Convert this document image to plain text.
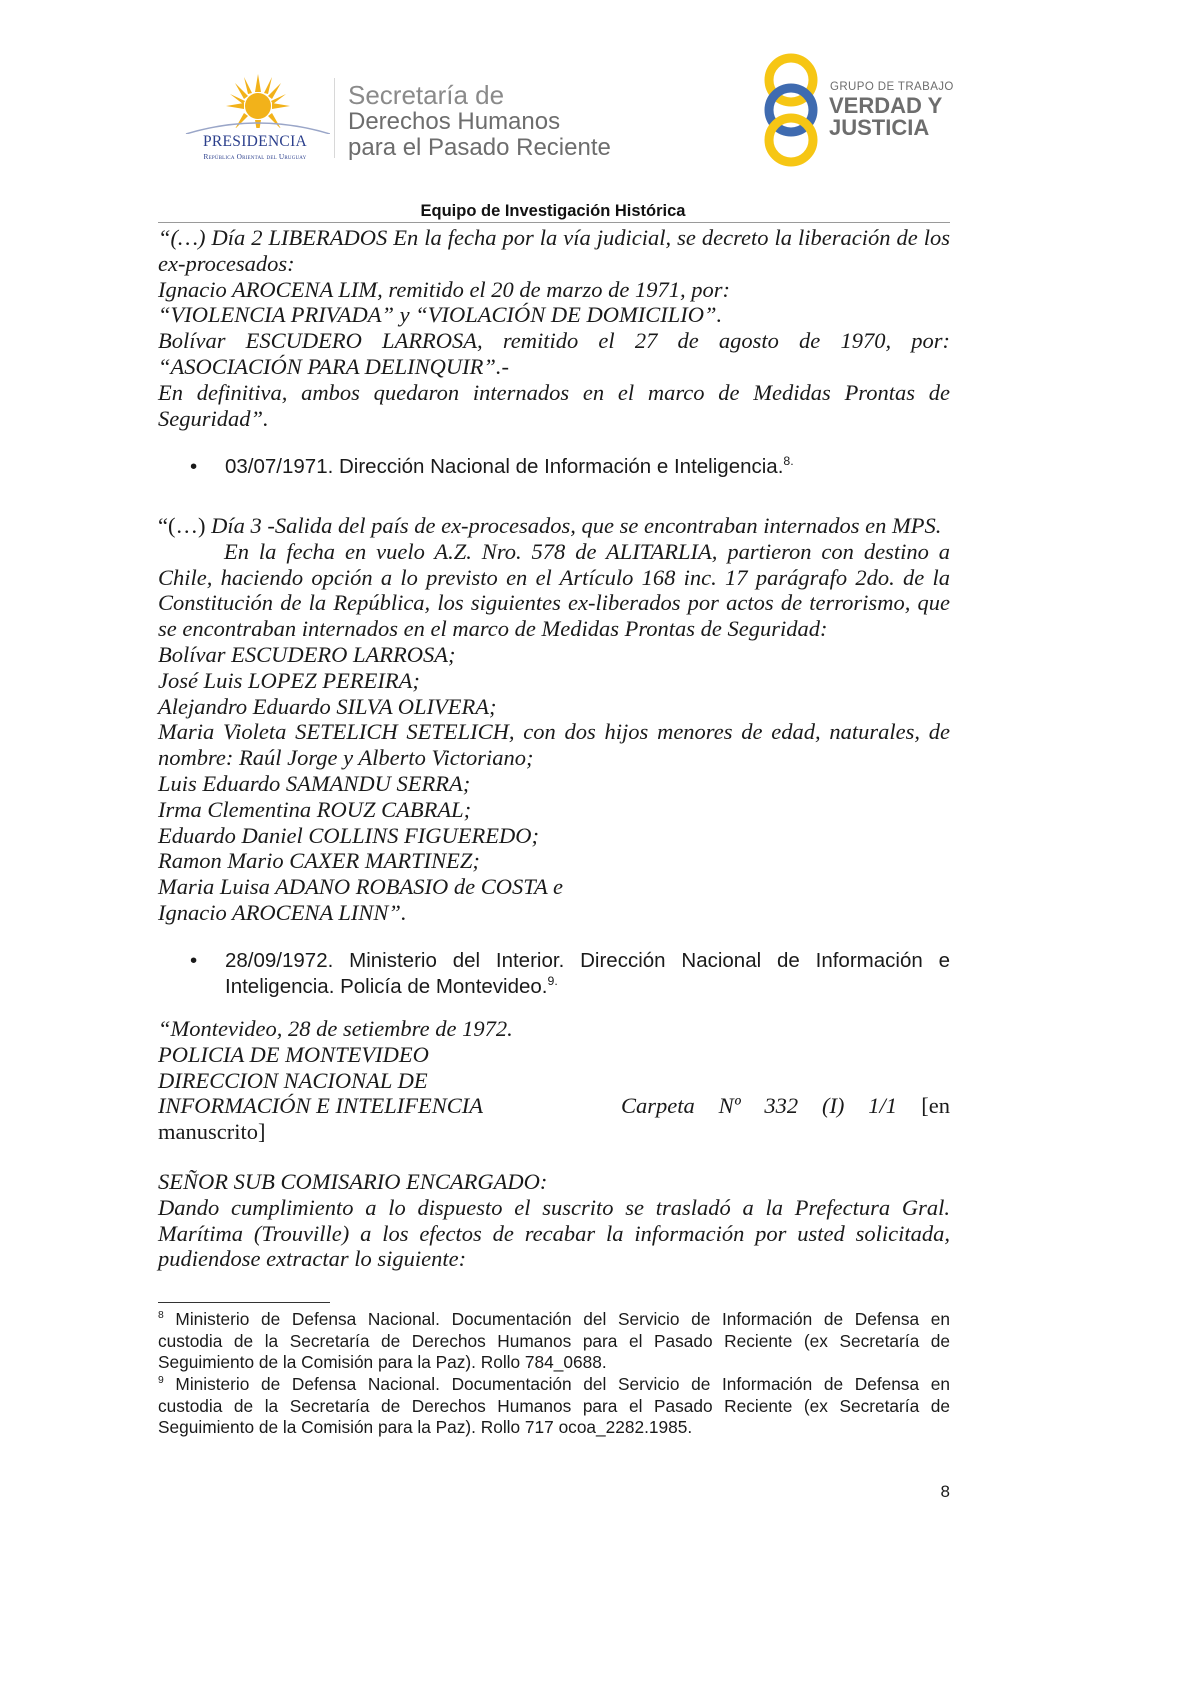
PRESIDENCIA
República Oriental del Uruguay
Secretaría de
Derechos Humanos
para el Pasado Reciente
GRUPO DE TRABAJO
VERDAD Y
JUSTICIA
Equipo de Investigación Histórica
“(…) Día 2 LIBERADOS En la fecha por la vía judicial, se decreto la liberación de los
ex-procesados:
Ignacio AROCENA LIM, remitido el 20 de marzo de 1971, por:
“VIOLENCIA PRIVADA” y “VIOLACIÓN DE DOMICILIO”.
Bolívar ESCUDERO LARROSA, remitido el 27 de agosto de 1970, por:
“ASOCIACIÓN PARA DELINQUIR”.-
En definitiva, ambos quedaron internados en el marco de Medidas Prontas de
Seguridad”.
• 03/07/1971. Dirección Nacional de Información e Inteligencia.$^{8.}$
“(…) Día 3 -Salida del país de ex-procesados, que se encontraban internados en MPS.
En la fecha en vuelo A.Z. Nro. 578 de ALITARLIA, partieron con destino a
Chile, haciendo opción a lo previsto en el Artículo 168 inc. 17 parágrafo 2do. de la
Constitución de la República, los siguientes ex-liberados por actos de terrorismo, que
se encontraban internados en el marco de Medidas Prontas de Seguridad:
Bolívar ESCUDERO LARROSA;
José Luis LOPEZ PEREIRA;
Alejandro Eduardo SILVA OLIVERA;
Maria Violeta SETELICH SETELICH, con dos hijos menores de edad, naturales, de
nombre: Raúl Jorge y Alberto Victoriano;
Luis Eduardo SAMANDU SERRA;
Irma Clementina ROUZ CABRAL;
Eduardo Daniel COLLINS FIGUEREDO;
Ramon Mario CAXER MARTINEZ;
Maria Luisa ADANO ROBASIO de COSTA e
Ignacio AROCENA LINN”.
• 28/09/1972. Ministerio del Interior. Dirección Nacional de Información e
Inteligencia. Policía de Montevideo.$^{9.}$
“Montevideo, 28 de setiembre de 1972.
POLICIA DE MONTEVIDEO
DIRECCION NACIONAL DE
INFORMACIÓN E INTELIFENCIA	Carpeta Nº 332 (I) 1/1 [en
manuscrito]
SEÑOR SUB COMISARIO ENCARGADO:
Dando cumplimiento a lo dispuesto el suscrito se trasladó a la Prefectura Gral.
Marítima (Trouville) a los efectos de recabar la información por usted solicitada,
pudiendose extractar lo siguiente:
$^8$ Ministerio de Defensa Nacional. Documentación del Servicio de Información de Defensa en
custodia de la Secretaría de Derechos Humanos para el Pasado Reciente (ex Secretaría de
Seguimiento de la Comisión para la Paz). Rollo 784_0688.
$^9$ Ministerio de Defensa Nacional. Documentación del Servicio de Información de Defensa en
custodia de la Secretaría de Derechos Humanos para el Pasado Reciente (ex Secretaría de
Seguimiento de la Comisión para la Paz). Rollo 717 ocoa_2282.1985.
8
